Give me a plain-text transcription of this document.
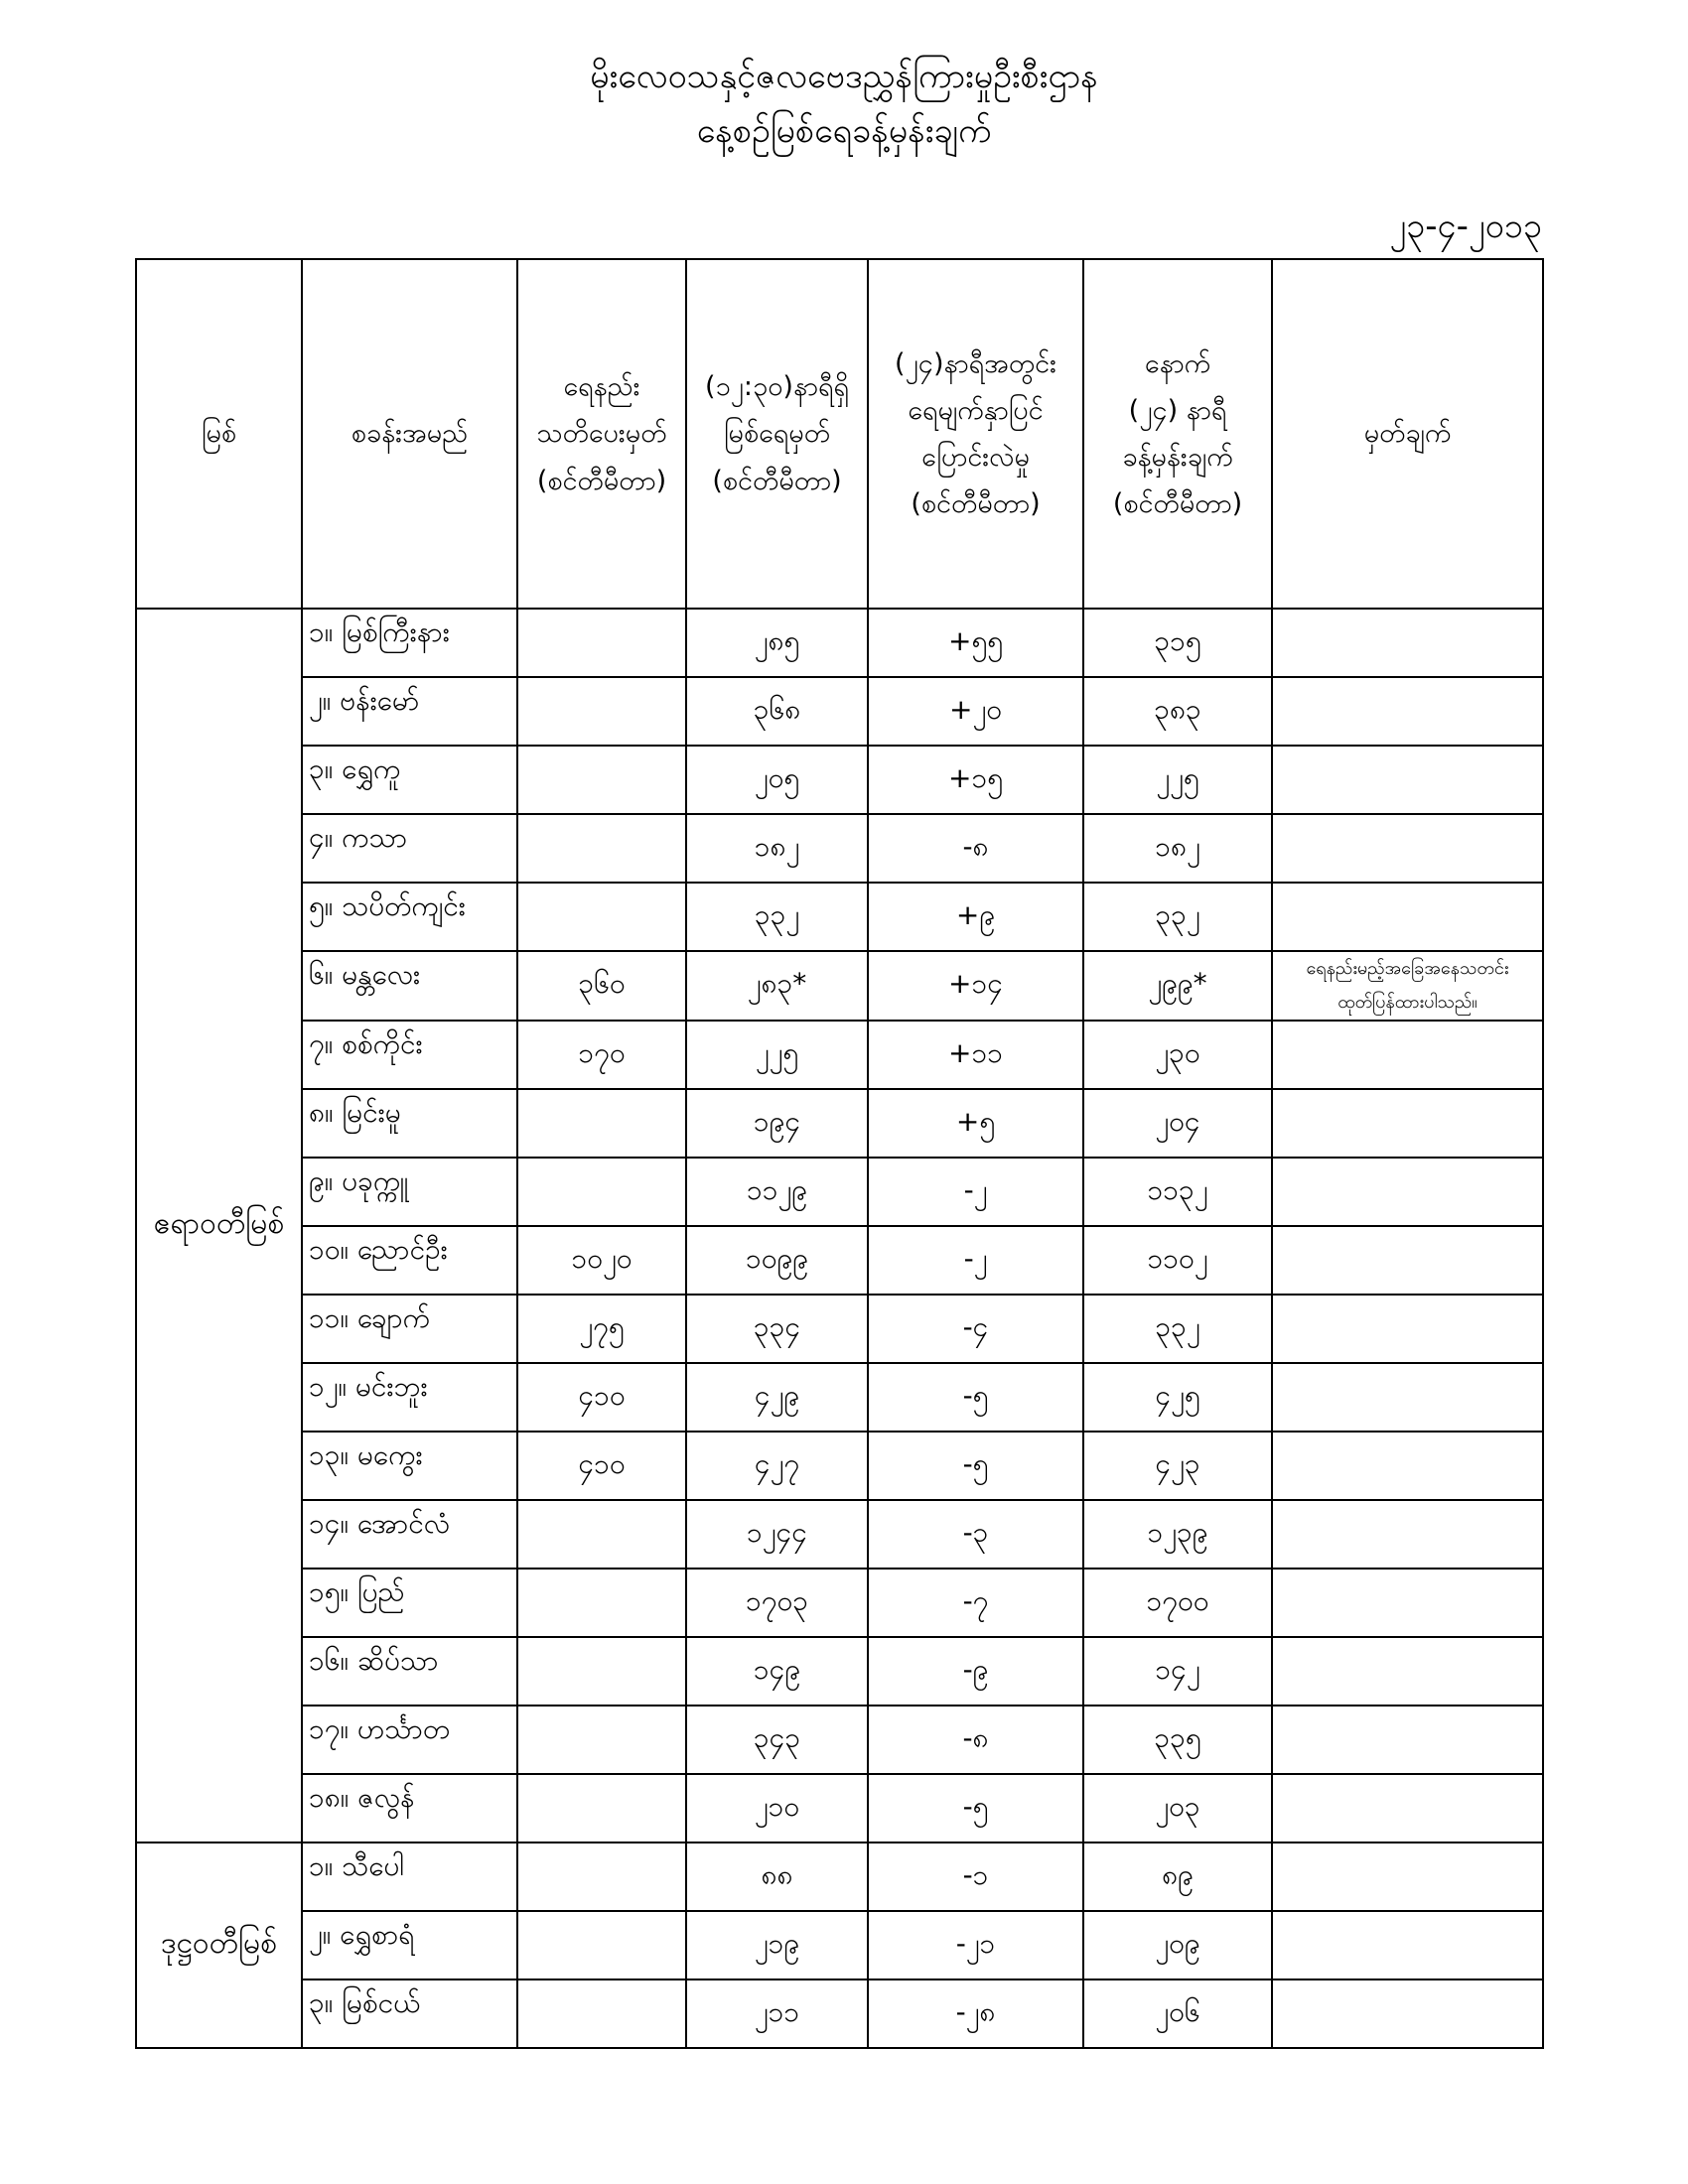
မိုးလေဝသနှင့်ဇလဗေဒညွှန်ကြားမှုဦးစီးဌာန
နေ့စဉ်မြစ်ရေခန့်မှန်းချက်
၂၃-၄-၂၀၁၃
မြစ်	စခန်းအမည်	ရေနည်း
သတိပေးမှတ်
(စင်တီမီတာ)	(၁၂:၃၀)နာရီရှိ
မြစ်ရေမှတ်
(စင်တီမီတာ)	(၂၄)နာရီအတွင်း
ရေမျက်နှာပြင်
ပြောင်းလဲမှု
(စင်တီမီတာ)	နောက်
(၂၄) နာရီ
ခန့်မှန်းချက်
(စင်တီမီတာ)	မှတ်ချက်
ဧရာဝတီမြစ်	၁။ မြစ်ကြီးနား		၂၈၅	+၅၅	၃၁၅	
	၂။ ဗန်းမော်		၃၆၈	+၂၀	၃၈၃	
	၃။ ရွှေကူ		၂၀၅	+၁၅	၂၂၅	
	၄။ ကသာ		၁၈၂	-၈	၁၈၂	
	၅။ သပိတ်ကျင်း		၃၃၂	+၉	၃၃၂	
	၆။ မန္တလေး	၃၆၀	၂၈၃*	+၁၄	၂၉၉*	ရေနည်းမည့်အခြေအနေသတင်း
ထုတ်ပြန်ထားပါသည်။
	၇။ စစ်ကိုင်း	၁၇၀	၂၂၅	+၁၁	၂၃၀	
	၈။ မြင်းမူ		၁၉၄	+၅	၂၀၄	
	၉။ ပခုက္ကူ		၁၁၂၉	-၂	၁၁၃၂	
	၁၀။ ညောင်ဦး	၁၀၂၀	၁၀၉၉	-၂	၁၁၀၂	
	၁၁။ ချောက်	၂၇၅	၃၃၄	-၄	၃၃၂	
	၁၂။ မင်းဘူး	၄၁၀	၄၂၉	-၅	၄၂၅	
	၁၃။ မကွေး	၄၁၀	၄၂၇	-၅	၄၂၃	
	၁၄။ အောင်လံ		၁၂၄၄	-၃	၁၂၃၉	
	၁၅။ ပြည်		၁၇၀၃	-၇	၁၇၀၀	
	၁၆။ ဆိပ်သာ		၁၄၉	-၉	၁၄၂	
	၁၇။ ဟင်္သာတ		၃၄၃	-၈	၃၃၅	
	၁၈။ ဇလွန်		၂၁၀	-၅	၂၀၃	
ဒုဋ္ဌဝတီမြစ်	၁။ သီပေါ		၈၈	-၁	၈၉	
	၂။ ရွှေစာရံ		၂၁၉	-၂၁	၂၀၉	
	၃။ မြစ်ငယ်		၂၁၁	-၂၈	၂၀၆	
